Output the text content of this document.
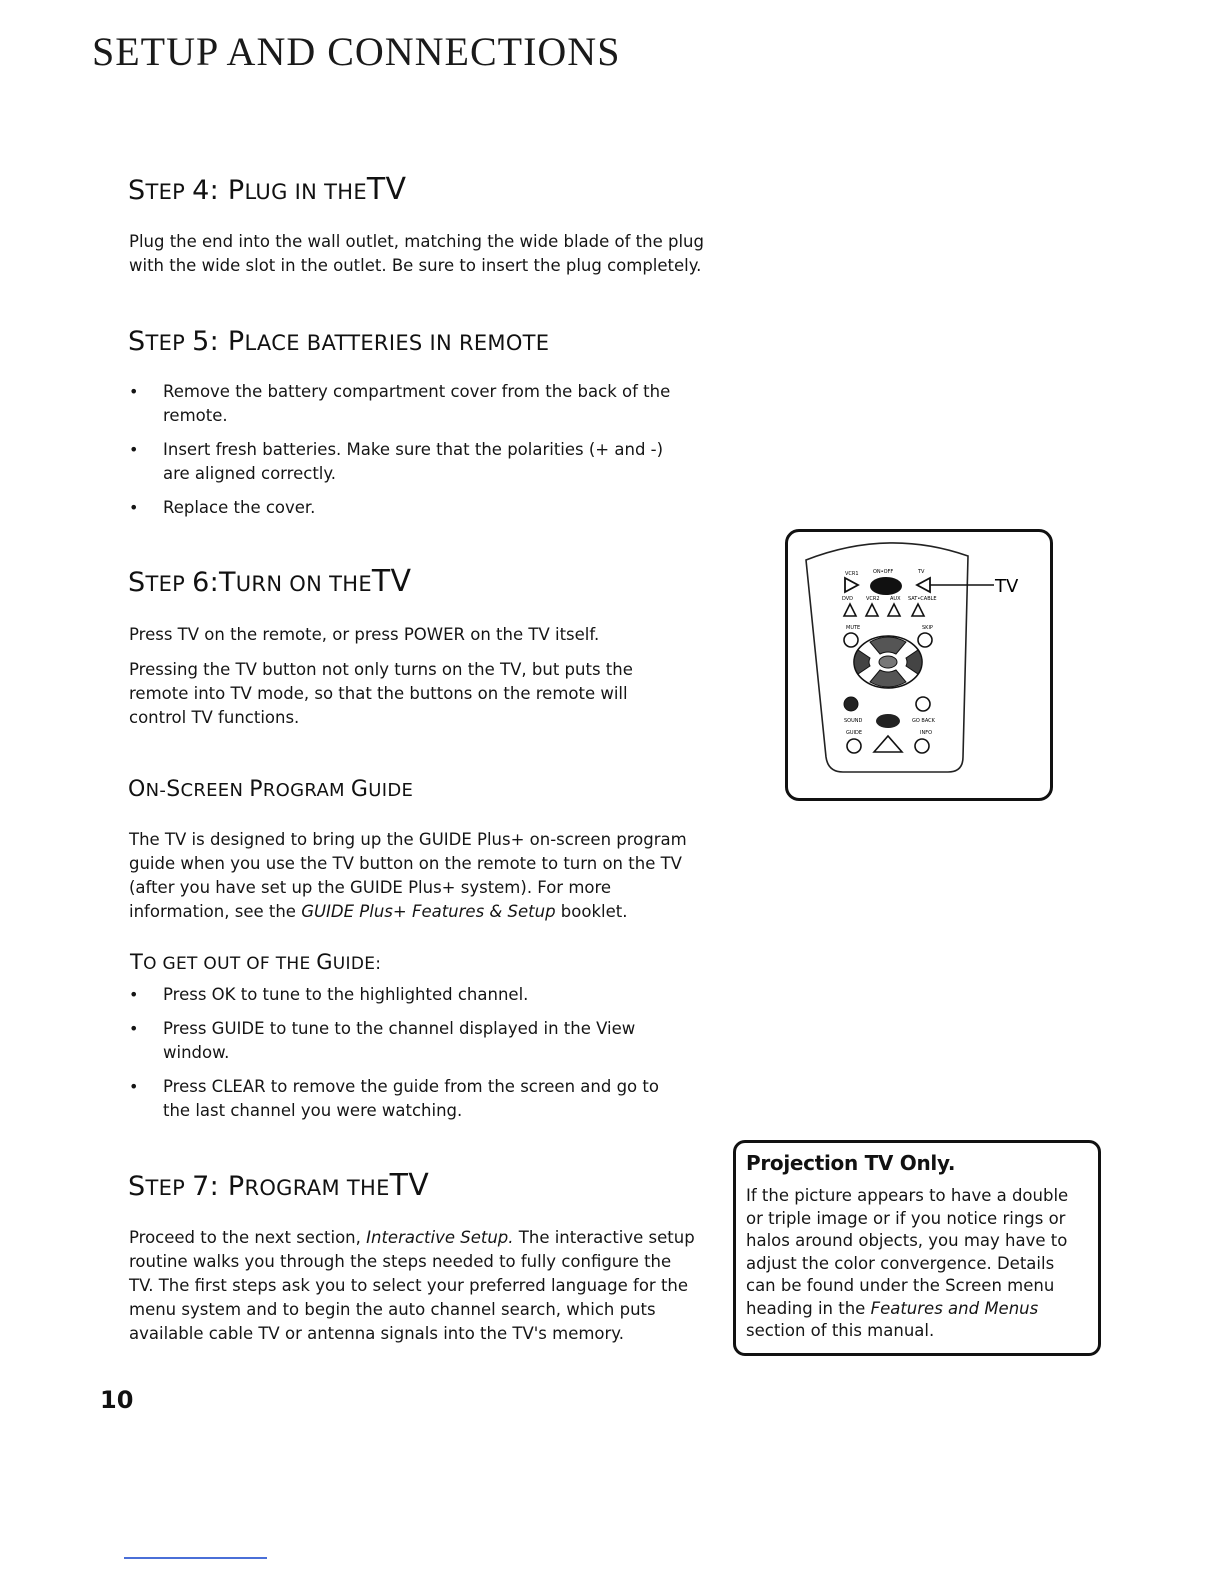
SETUP AND CONNECTIONS
STEP 4: PLUG IN THETV

Plug the end into the wall outlet, matching the wide blade of the plug with the wide slot in the outlet. Be sure to insert the plug completely.

STEP 5: PLACE BATTERIES IN REMOTE
• Remove the battery compartment cover from the back of the remote.
• Insert fresh batteries. Make sure that the polarities (+ and -) are aligned correctly.
• Replace the cover.
STEP 6:TURN ON THETV

Press TV on the remote, or press POWER on the TV itself.

Pressing the TV button not only turns on the TV, but puts the remote into TV mode, so that the buttons on the remote will control TV functions.

ON-SCREEN PROGRAM GUIDE

The TV is designed to bring up the GUIDE Plus+ on-screen program guide when you use the TV button on the remote to turn on the TV (after you have set up the GUIDE Plus+ system). For more information, see the GUIDE Plus+ Features & Setup booklet.

TO GET OUT OF THE GUIDE:
• Press OK to tune to the highlighted channel.
• Press GUIDE to tune to the channel displayed in the View window.
• Press CLEAR to remove the guide from the screen and go to the last channel you were watching.
STEP 7: PROGRAM THETV

Proceed to the next section, Interactive Setup. The interactive setup routine walks you through the steps needed to fully configure the TV. The first steps ask you to select your preferred language for the menu system and to begin the auto channel search, which puts available cable TV or antenna signals into the TV's memory.

VCR1	ON•OFF	TV
TV
DVD	VCR2 AUX SAT•CABLE
MUTE	SKIP
SOUND	GO BACK
GUIDE	INFO

Projection TV Only.

If the picture appears to have a double or triple image or if you notice rings or halos around objects, you may have to adjust the color convergence. Details can be found under the Screen menu heading in the Features and Menus section of this manual.

10
